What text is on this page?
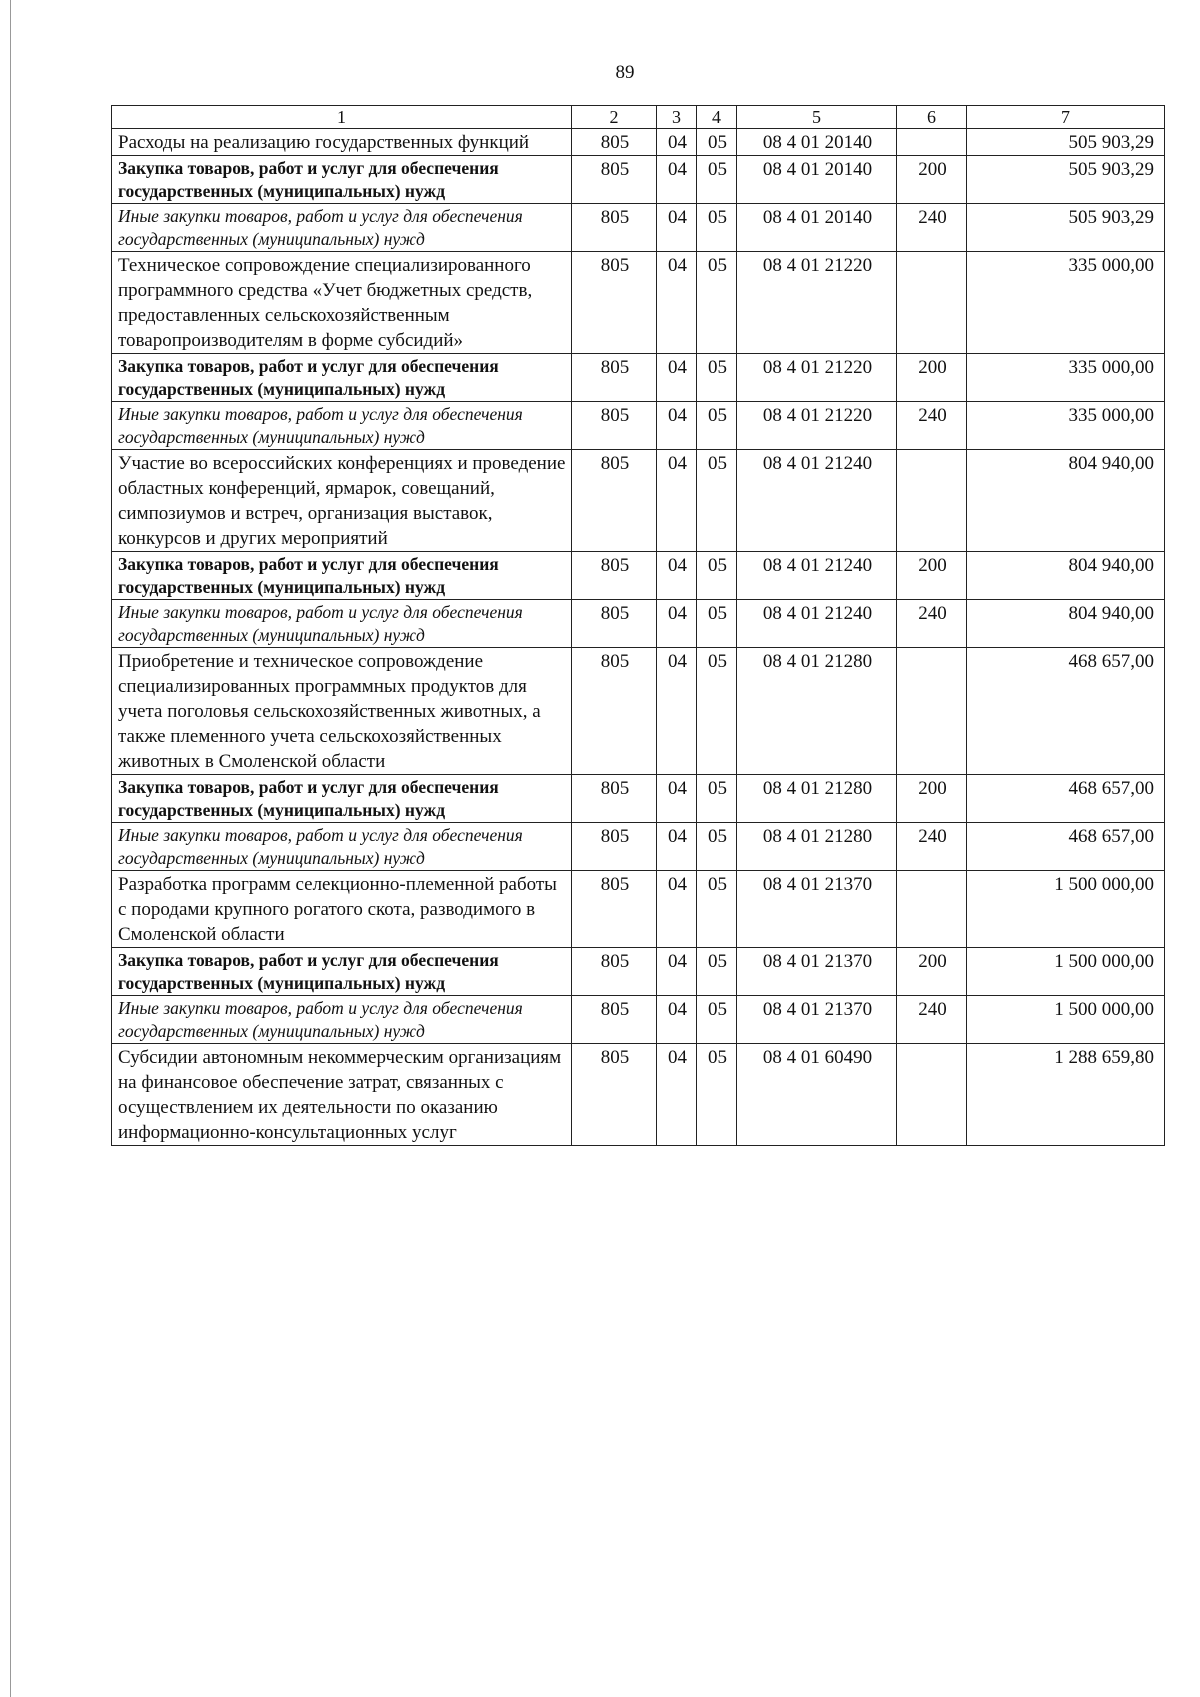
89
1	2	3	4	5	6	7
Расходы на реализацию государственных функций	805	04	05	08 4 01 20140		505 903,29
Закупка товаров, работ и услуг для обеспечения государственных (муниципальных) нужд	805	04	05	08 4 01 20140	200	505 903,29
Иные закупки товаров, работ и услуг для обеспечения государственных (муниципальных) нужд	805	04	05	08 4 01 20140	240	505 903,29
Техническое сопровождение специализированного программного средства «Учет бюджетных средств, предоставленных сельскохозяйственным товаропроизводителям в форме субсидий»	805	04	05	08 4 01 21220		335 000,00
Закупка товаров, работ и услуг для обеспечения государственных (муниципальных) нужд	805	04	05	08 4 01 21220	200	335 000,00
Иные закупки товаров, работ и услуг для обеспечения государственных (муниципальных) нужд	805	04	05	08 4 01 21220	240	335 000,00
Участие во всероссийских конференциях и проведение областных конференций, ярмарок, совещаний, симпозиумов и встреч, организация выставок, конкурсов и других мероприятий	805	04	05	08 4 01 21240		804 940,00
Закупка товаров, работ и услуг для обеспечения государственных (муниципальных) нужд	805	04	05	08 4 01 21240	200	804 940,00
Иные закупки товаров, работ и услуг для обеспечения государственных (муниципальных) нужд	805	04	05	08 4 01 21240	240	804 940,00
Приобретение и техническое сопровождение специализированных программных продуктов для учета поголовья сельскохозяйственных животных, а также племенного учета сельскохозяйственных животных в Смоленской области	805	04	05	08 4 01 21280		468 657,00
Закупка товаров, работ и услуг для обеспечения государственных (муниципальных) нужд	805	04	05	08 4 01 21280	200	468 657,00
Иные закупки товаров, работ и услуг для обеспечения государственных (муниципальных) нужд	805	04	05	08 4 01 21280	240	468 657,00
Разработка программ селекционно-племенной работы с породами крупного рогатого скота, разводимого в Смоленской области	805	04	05	08 4 01 21370		1 500 000,00
Закупка товаров, работ и услуг для обеспечения государственных (муниципальных) нужд	805	04	05	08 4 01 21370	200	1 500 000,00
Иные закупки товаров, работ и услуг для обеспечения государственных (муниципальных) нужд	805	04	05	08 4 01 21370	240	1 500 000,00
Субсидии автономным некоммерческим организациям на финансовое обеспечение затрат, связанных с осуществлением их деятельности по оказанию информационно-консультационных услуг	805	04	05	08 4 01 60490		1 288 659,80
